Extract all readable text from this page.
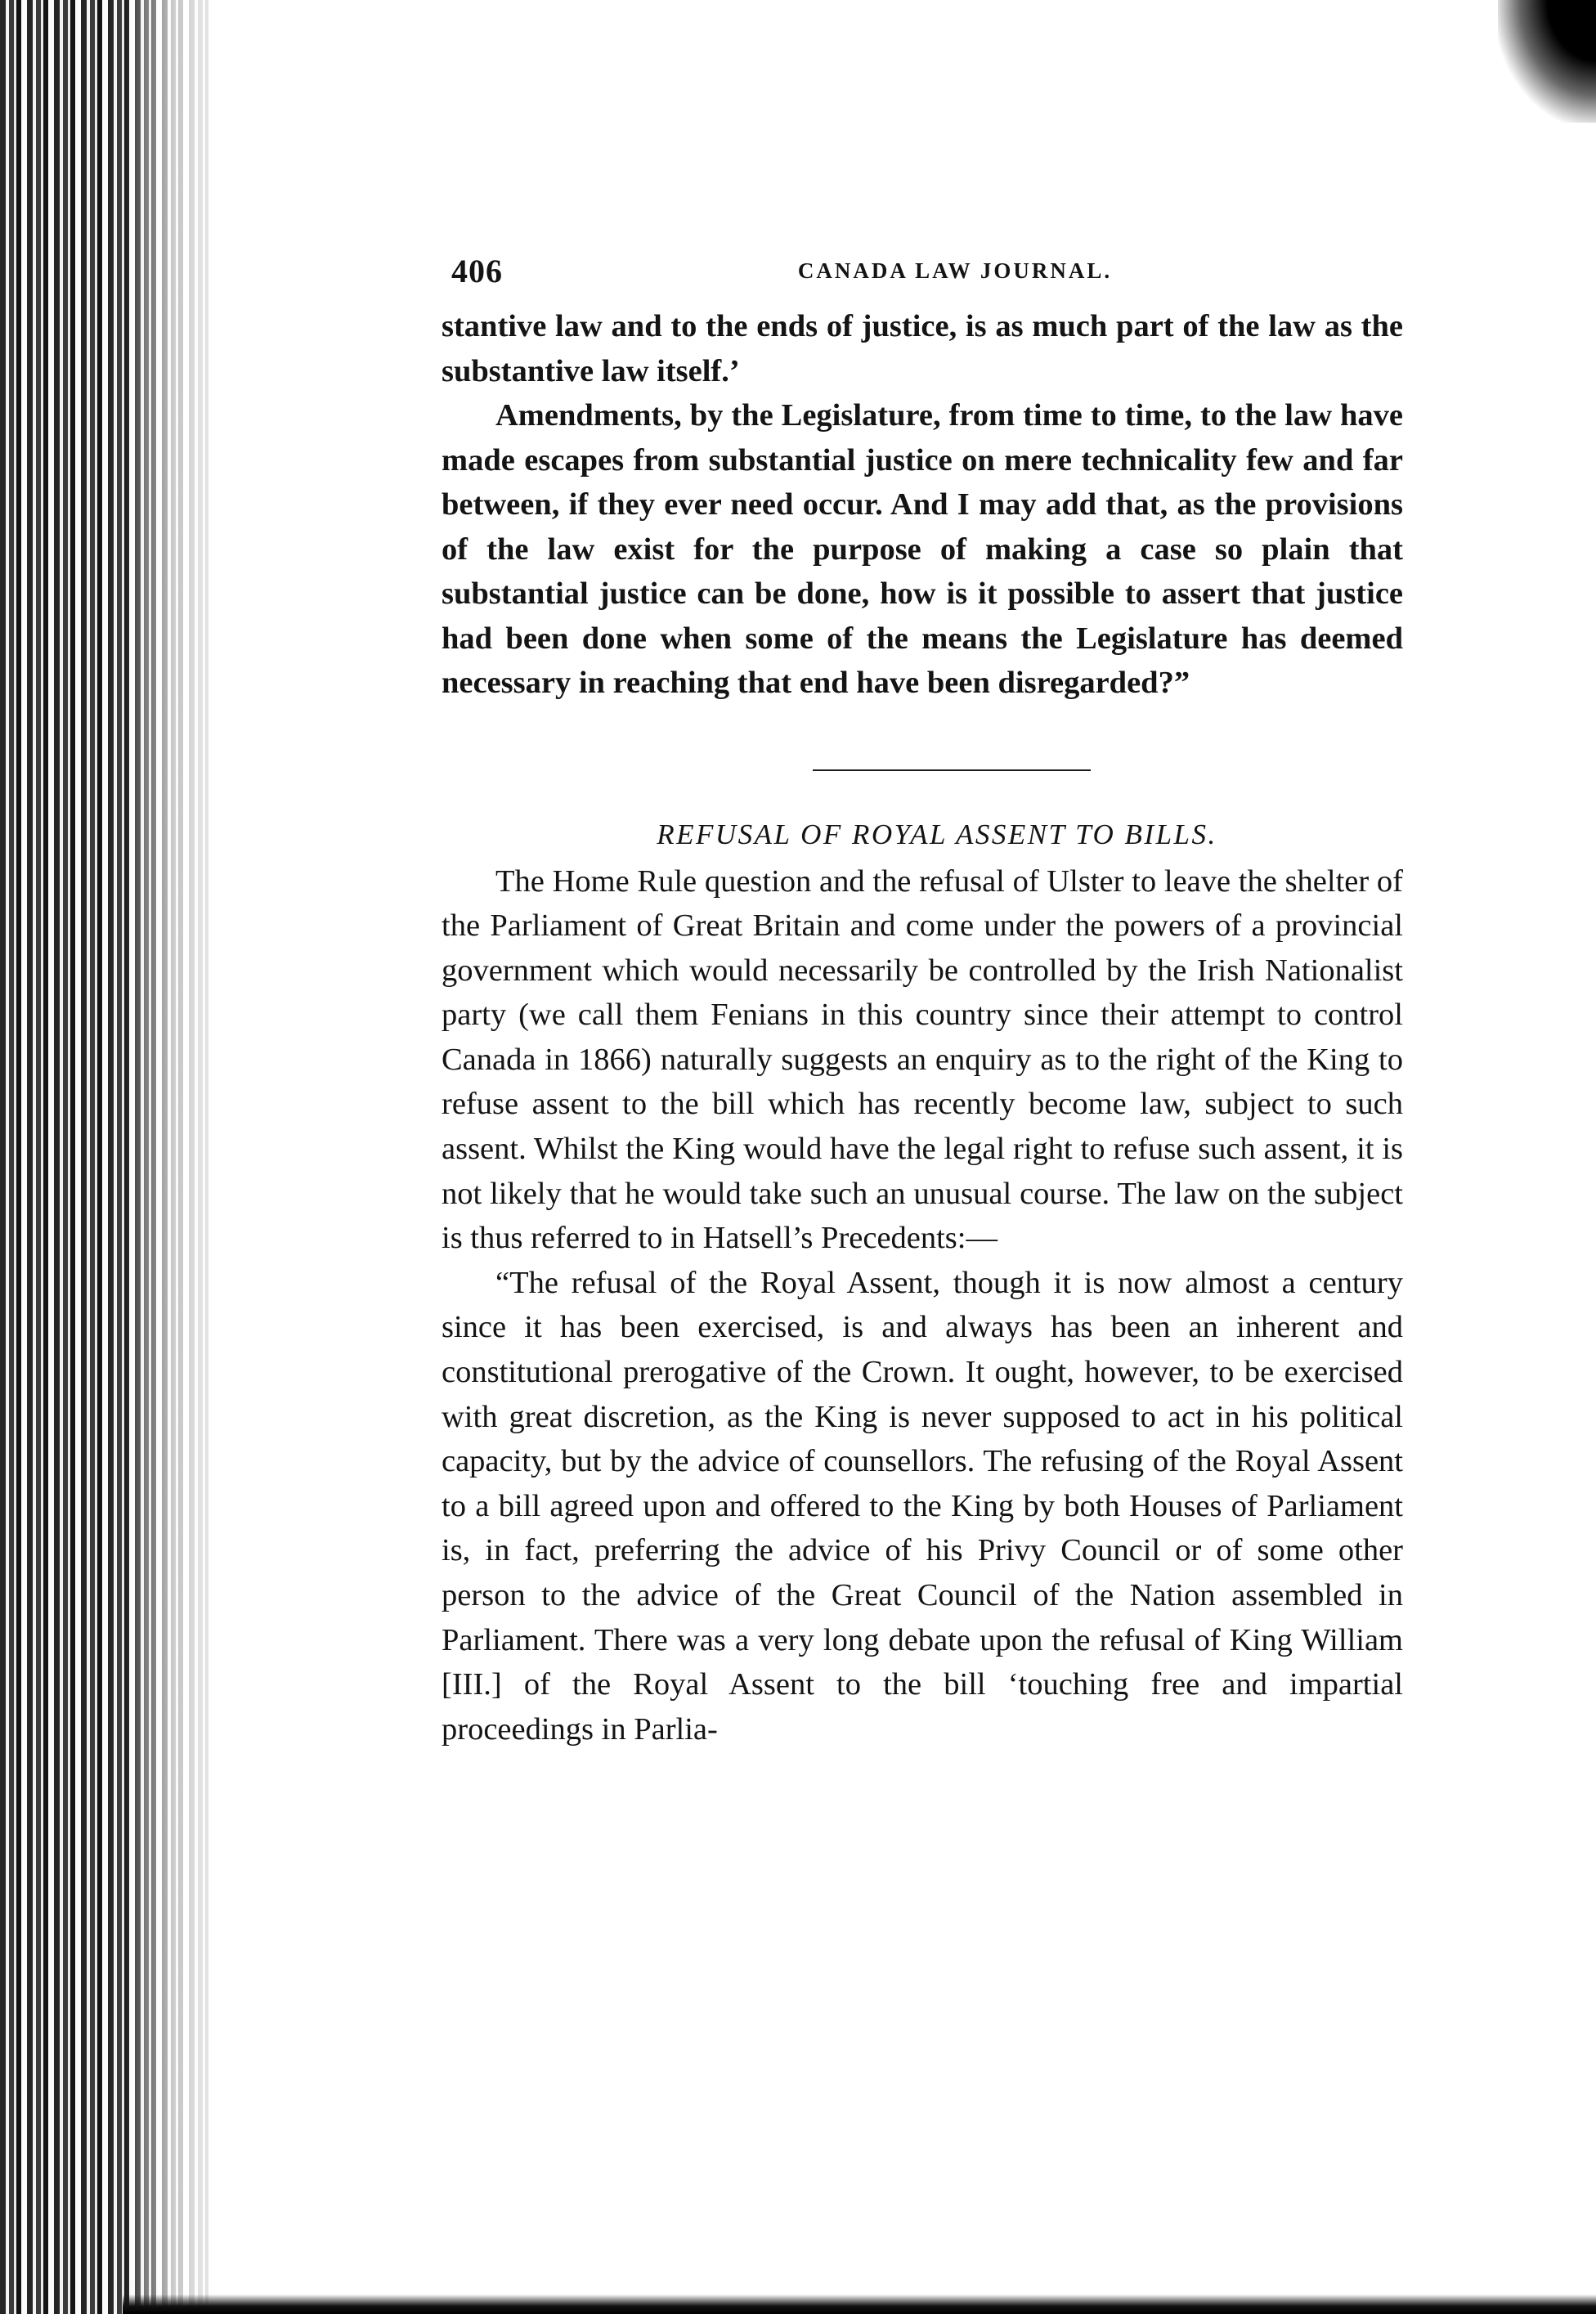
406	CANADA LAW JOURNAL.

stantive law and to the ends of justice, is as much part of the law as the substantive law itself.’

Amendments, by the Legislature, from time to time, to the law have made escapes from substantial justice on mere technicality few and far between, if they ever need occur. And I may add that, as the provisions of the law exist for the purpose of making a case so plain that substantial justice can be done, how is it possible to assert that justice had been done when some of the means the Legislature has deemed necessary in reaching that end have been disregarded?”

REFUSAL OF ROYAL ASSENT TO BILLS.

The Home Rule question and the refusal of Ulster to leave the shelter of the Parliament of Great Britain and come under the powers of a provincial government which would necessarily be controlled by the Irish Nationalist party (we call them Fenians in this country since their attempt to control Canada in 1866) naturally suggests an enquiry as to the right of the King to refuse assent to the bill which has recently become law, subject to such assent. Whilst the King would have the legal right to refuse such assent, it is not likely that he would take such an unusual course. The law on the subject is thus referred to in Hatsell’s Precedents:—

“The refusal of the Royal Assent, though it is now almost a century since it has been exercised, is and always has been an inherent and constitutional prerogative of the Crown. It ought, however, to be exercised with great discretion, as the King is never supposed to act in his political capacity, but by the advice of counsellors. The refusing of the Royal Assent to a bill agreed upon and offered to the King by both Houses of Parliament is, in fact, preferring the advice of his Privy Council or of some other person to the advice of the Great Council of the Nation assembled in Parliament. There was a very long debate upon the refusal of King William [III.] of the Royal Assent to the bill ‘touching free and impartial proceedings in Parlia-
